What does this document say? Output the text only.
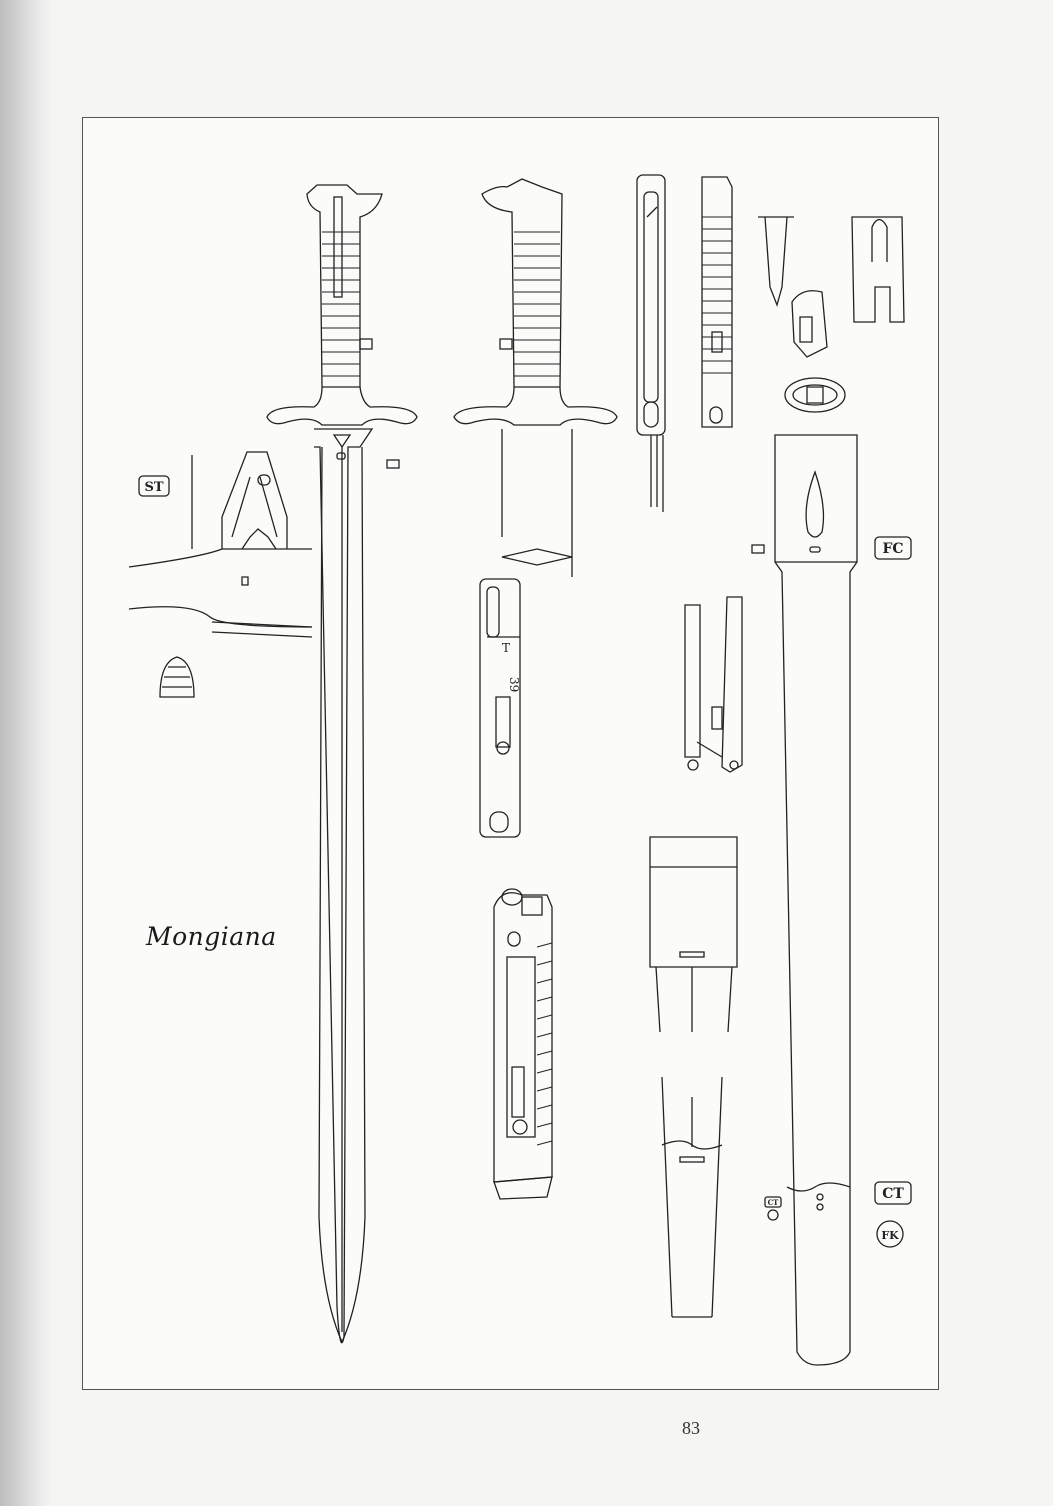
ST
T
39
FC
CT
CT
FK
Mongiana
83
